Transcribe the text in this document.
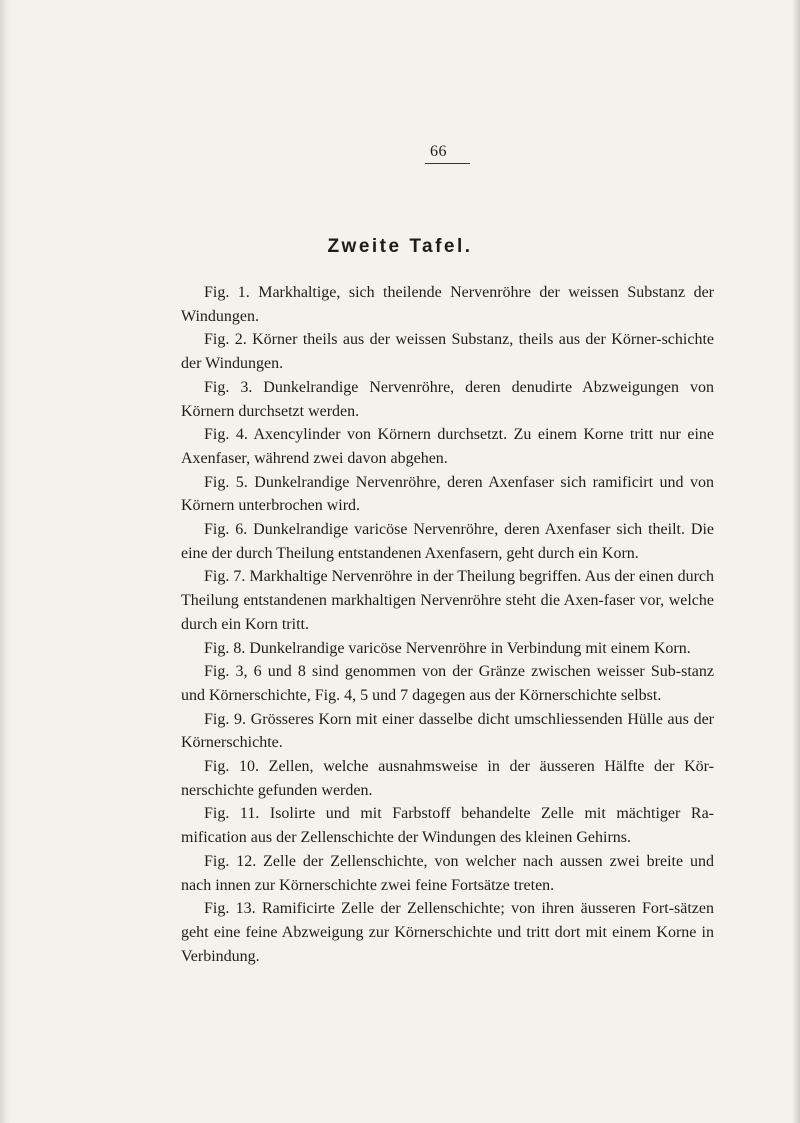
66
Zweite Tafel.

Fig. 1. Markhaltige, sich theilende Nervenröhre der weissen Substanz der Windungen.

Fig. 2. Körner theils aus der weissen Substanz, theils aus der Körner-schichte der Windungen.

Fig. 3. Dunkelrandige Nervenröhre, deren denudirte Abzweigungen von Körnern durchsetzt werden.

Fig. 4. Axencylinder von Körnern durchsetzt. Zu einem Korne tritt nur eine Axenfaser, während zwei davon abgehen.

Fig. 5. Dunkelrandige Nervenröhre, deren Axenfaser sich ramificirt und von Körnern unterbrochen wird.

Fig. 6. Dunkelrandige varicöse Nervenröhre, deren Axenfaser sich theilt. Die eine der durch Theilung entstandenen Axenfasern, geht durch ein Korn.

Fig. 7. Markhaltige Nervenröhre in der Theilung begriffen. Aus der einen durch Theilung entstandenen markhaltigen Nervenröhre steht die Axen-faser vor, welche durch ein Korn tritt.

Fig. 8. Dunkelrandige varicöse Nervenröhre in Verbindung mit einem Korn.

Fig. 3, 6 und 8 sind genommen von der Gränze zwischen weisser Sub-stanz und Körnerschichte, Fig. 4, 5 und 7 dagegen aus der Körnerschichte selbst.

Fig. 9. Grösseres Korn mit einer dasselbe dicht umschliessenden Hülle aus der Körnerschichte.

Fig. 10. Zellen, welche ausnahmsweise in der äusseren Hälfte der Kör-nerschichte gefunden werden.

Fig. 11. Isolirte und mit Farbstoff behandelte Zelle mit mächtiger Ra-mification aus der Zellenschichte der Windungen des kleinen Gehirns.

Fig. 12. Zelle der Zellenschichte, von welcher nach aussen zwei breite und nach innen zur Körnerschichte zwei feine Fortsätze treten.

Fig. 13. Ramificirte Zelle der Zellenschichte; von ihren äusseren Fort-sätzen geht eine feine Abzweigung zur Körnerschichte und tritt dort mit einem Korne in Verbindung.
